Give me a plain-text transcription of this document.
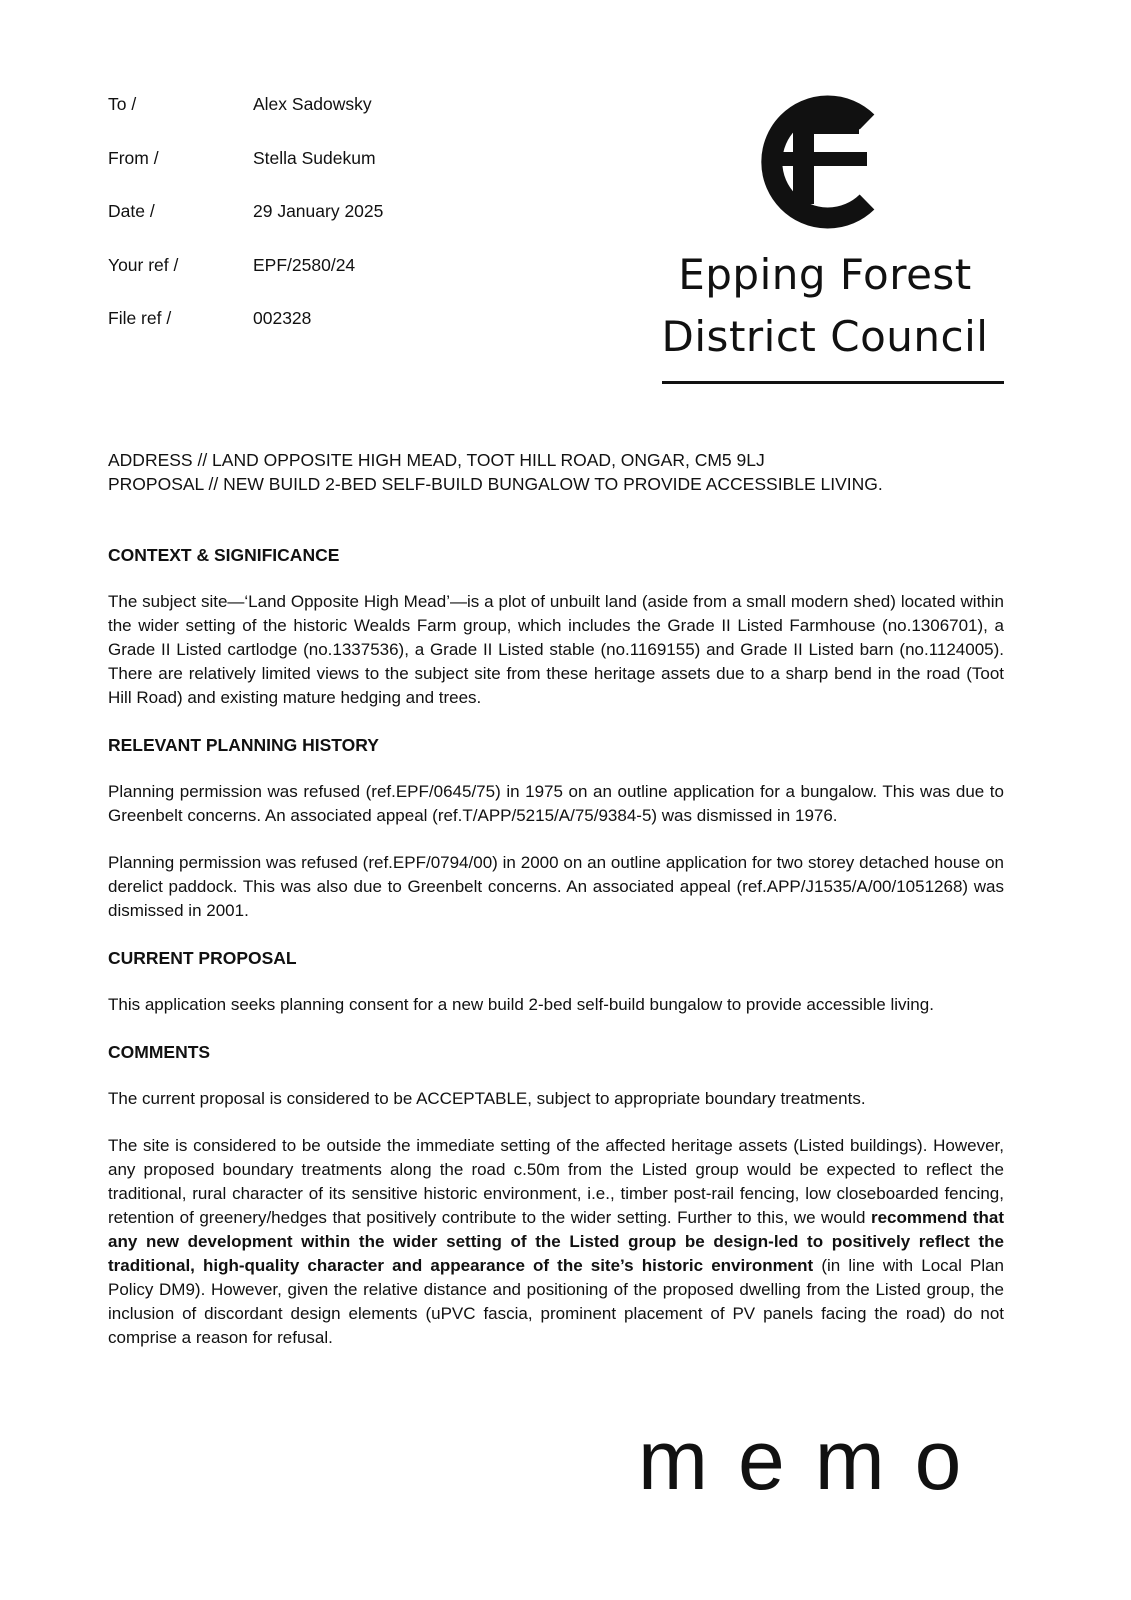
To /	Alex Sadowsky
From /	Stella Sudekum
Date /	29 January 2025
Your ref /	EPF/2580/24
File ref /	002328
Epping Forest
District Council
ADDRESS // LAND OPPOSITE HIGH MEAD, TOOT HILL ROAD, ONGAR, CM5 9LJ
PROPOSAL // NEW BUILD 2-BED SELF-BUILD BUNGALOW TO PROVIDE ACCESSIBLE LIVING.
CONTEXT & SIGNIFICANCE

The subject site—‘Land Opposite High Mead’—is a plot of unbuilt land (aside from a small modern shed) located within the wider setting of the historic Wealds Farm group, which includes the Grade II Listed Farmhouse (no.1306701), a Grade II Listed cartlodge (no.1337536), a Grade II Listed stable (no.1169155) and Grade II Listed barn (no.1124005). There are relatively limited views to the subject site from these heritage assets due to a sharp bend in the road (Toot Hill Road) and existing mature hedging and trees.

RELEVANT PLANNING HISTORY

Planning permission was refused (ref.EPF/0645/75) in 1975 on an outline application for a bungalow. This was due to Greenbelt concerns. An associated appeal (ref.T/APP/5215/A/75/9384-5) was dismissed in 1976.

Planning permission was refused (ref.EPF/0794/00) in 2000 on an outline application for two storey detached house on derelict paddock. This was also due to Greenbelt concerns. An associated appeal (ref.APP/J1535/A/00/1051268) was dismissed in 2001.

CURRENT PROPOSAL

This application seeks planning consent for a new build 2-bed self-build bungalow to provide accessible living.

COMMENTS

The current proposal is considered to be ACCEPTABLE, subject to appropriate boundary treatments.

The site is considered to be outside the immediate setting of the affected heritage assets (Listed buildings). However, any proposed boundary treatments along the road c.50m from the Listed group would be expected to reflect the traditional, rural character of its sensitive historic environment, i.e., timber post-rail fencing, low closeboarded fencing, retention of greenery/hedges that positively contribute to the wider setting. Further to this, we would recommend that any new development within the wider setting of the Listed group be design-led to positively reflect the traditional, high-quality character and appearance of the site’s historic environment (in line with Local Plan Policy DM9). However, given the relative distance and positioning of the proposed dwelling from the Listed group, the inclusion of discordant design elements (uPVC fascia, prominent placement of PV panels facing the road) do not comprise a reason for refusal.

memo
